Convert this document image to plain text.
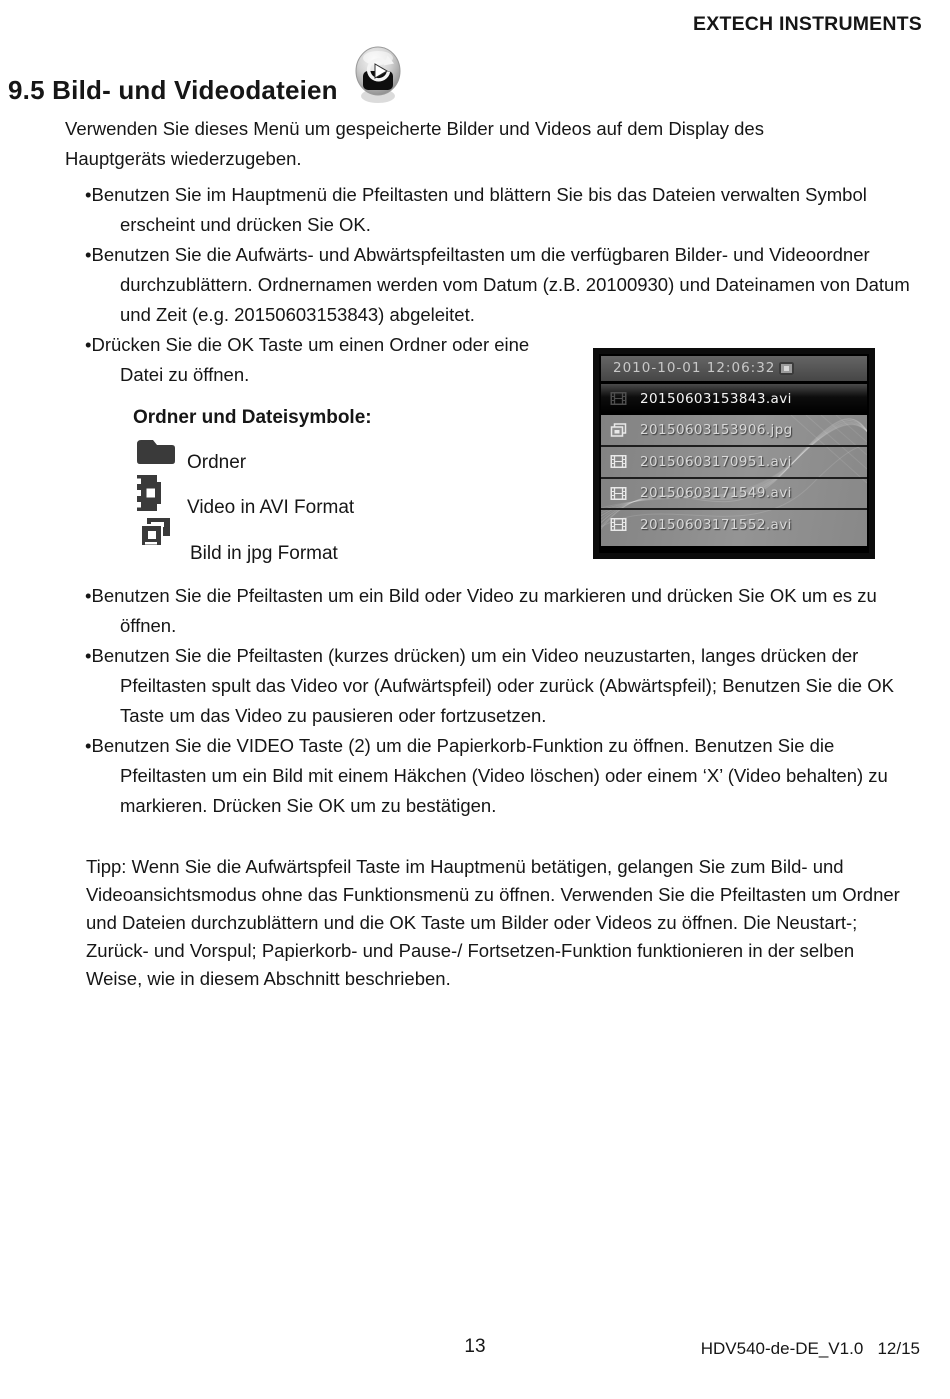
EXTECH INSTRUMENTS
9.5 Bild- und Videodateien
Verwenden Sie dieses Menü um gespeicherte Bilder und Videos auf dem Display des Hauptgeräts wiederzugeben.
•Benutzen Sie im Hauptmenü die Pfeiltasten und blättern Sie bis das Dateien verwalten Symbol erscheint und drücken Sie OK.
•Benutzen Sie die Aufwärts- und Abwärtspfeiltasten um die verfügbaren Bilder- und Videoordner durchzublättern. Ordnernamen werden vom Datum (z.B. 20100930) und Dateinamen von Datum und Zeit (e.g. 20150603153843) abgeleitet.
•Drücken Sie die OK Taste um einen Ordner oder eine Datei zu öffnen.
Ordner und Dateisymbole:
Ordner
Video in AVI Format
Bild in jpg Format
2010-10-01 12:06:32
20150603153843.avi
20150603153906.jpg
20150603170951.avi
20150603171549.avi
20150603171552.avi
•Benutzen Sie die Pfeiltasten um ein Bild oder Video zu markieren und drücken Sie OK um es zu öffnen.
•Benutzen Sie die Pfeiltasten (kurzes drücken) um ein Video neuzustarten, langes drücken der Pfeiltasten spult das Video vor (Aufwärtspfeil) oder zurück (Abwärtspfeil); Benutzen Sie die OK Taste um das Video zu pausieren oder fortzusetzen.
•Benutzen Sie die VIDEO Taste (2) um die Papierkorb-Funktion zu öffnen. Benutzen Sie die Pfeiltasten um ein Bild mit einem Häkchen (Video löschen) oder einem ‘X’ (Video behalten) zu markieren. Drücken Sie OK um zu bestätigen.
Tipp: Wenn Sie die Aufwärtspfeil Taste im Hauptmenü betätigen, gelangen Sie zum Bild- und Videoansichtsmodus ohne das Funktionsmenü zu öffnen. Verwenden Sie die Pfeiltasten um Ordner und Dateien durchzublättern und die OK Taste um Bilder oder Videos zu öffnen. Die Neustart-; Zurück- und Vorspul; Papierkorb- und Pause-/ Fortsetzen-Funktion funktionieren in der selben Weise, wie in diesem Abschnitt beschrieben.
13	HDV540-de-DE_V1.0   12/15
